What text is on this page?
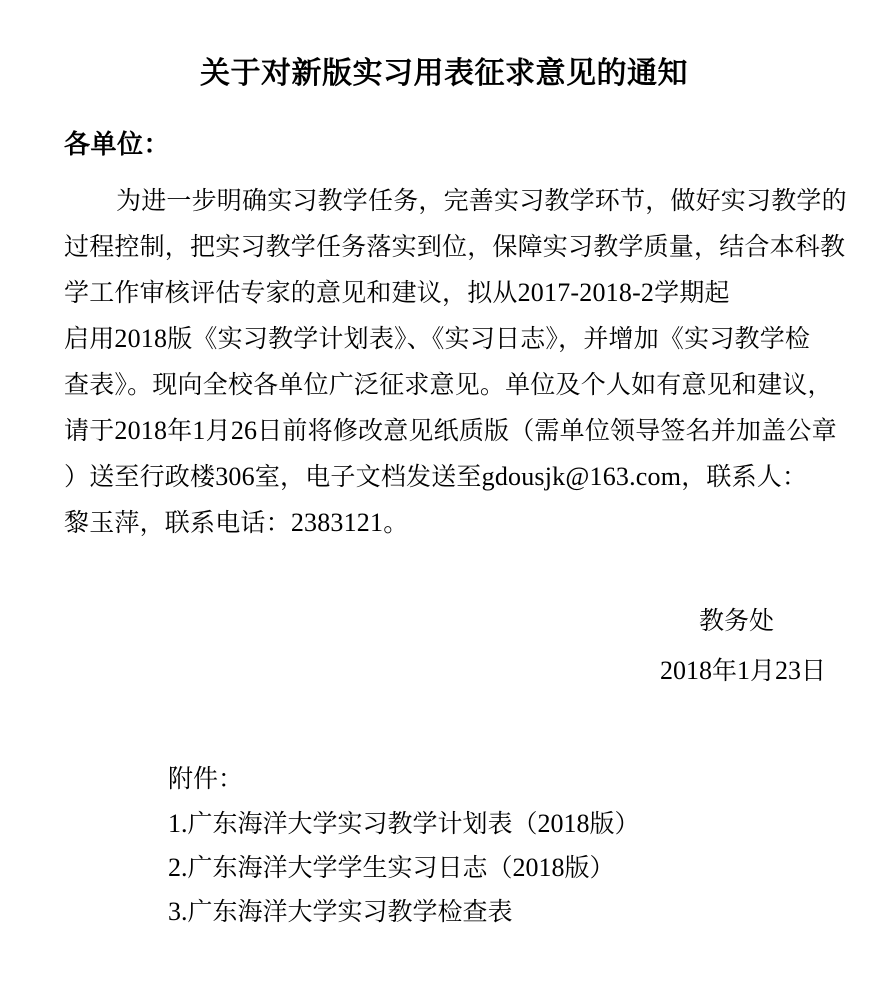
关于对新版实习用表征求意见的通知
各单位：
为进一步明确实习教学任务，完善实习教学环节，做好实习教学的
过程控制，把实习教学任务落实到位，保障实习教学质量，结合本科教
学工作审核评估专家的意见和建议，拟从2017-2018-2学期起
启用2018版《实习教学计划表》、《实习日志》，并增加《实习教学检
查表》。现向全校各单位广泛征求意见。单位及个人如有意见和建议，
请于2018年1月26日前将修改意见纸质版（需单位领导签名并加盖公章
）送至行政楼306室，电子文档发送至gdousjk@163.com，联系人：
黎玉萍，联系电话：2383121。
教务处
2018年1月23日
附件：
1.广东海洋大学实习教学计划表（2018版）
2.广东海洋大学学生实习日志（2018版）
3.广东海洋大学实习教学检查表
